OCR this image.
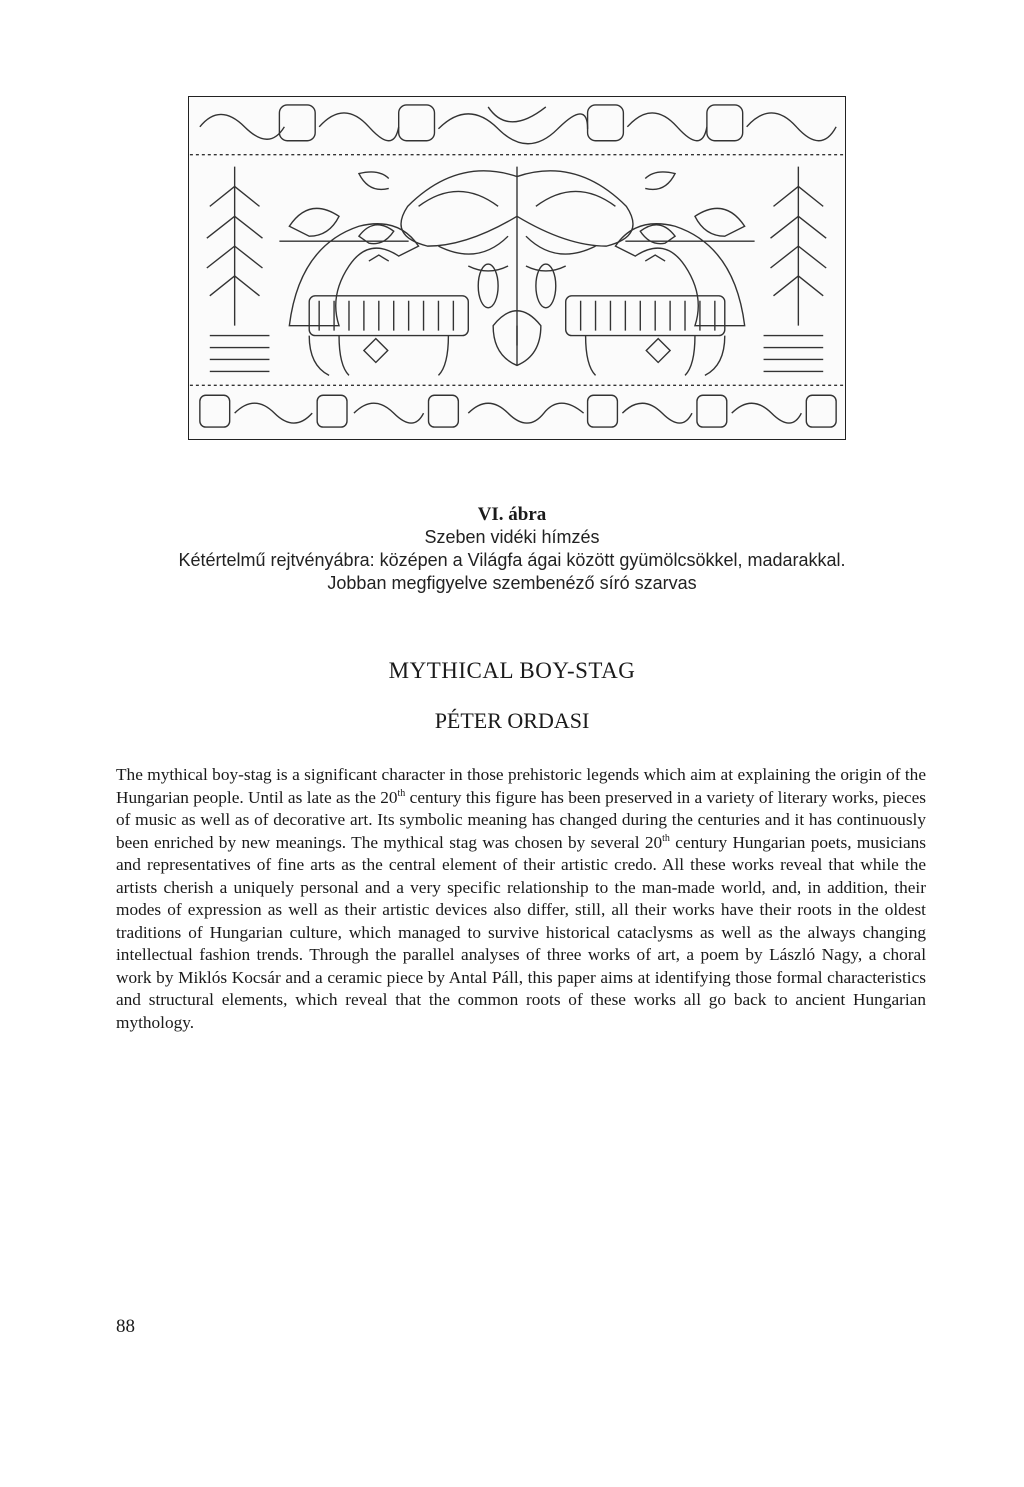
VI. ábra
Szeben vidéki hímzés
Kétértelmű rejtvényábra: középen a Világfa ágai között gyümölcsökkel, madarakkal.
Jobban megfigyelve szembenéző síró szarvas
MYTHICAL BOY-STAG
PÉTER ORDASI
The mythical boy-stag is a significant character in those prehistoric legends which aim at explaining the origin of the Hungarian people. Until as late as the 20th century this figure has been preserved in a variety of literary works, pieces of music as well as of decorative art. Its symbolic meaning has changed during the centuries and it has continuously been enriched by new meanings. The mythical stag was chosen by several 20th century Hungarian poets, musicians and representatives of fine arts as the central element of their artistic credo. All these works reveal that while the artists cherish a uniquely personal and a very specific relationship to the man-made world, and, in addition, their modes of expression as well as their artistic devices also differ, still, all their works have their roots in the oldest traditions of Hungarian culture, which managed to survive historical cataclysms as well as the always changing intellectual fashion trends. Through the parallel analyses of three works of art, a poem by László Nagy, a choral work by Miklós Kocsár and a ceramic piece by Antal Páll, this paper aims at identifying those formal characteristics and structural elements, which reveal that the common roots of these works all go back to ancient Hungarian mythology.
88
